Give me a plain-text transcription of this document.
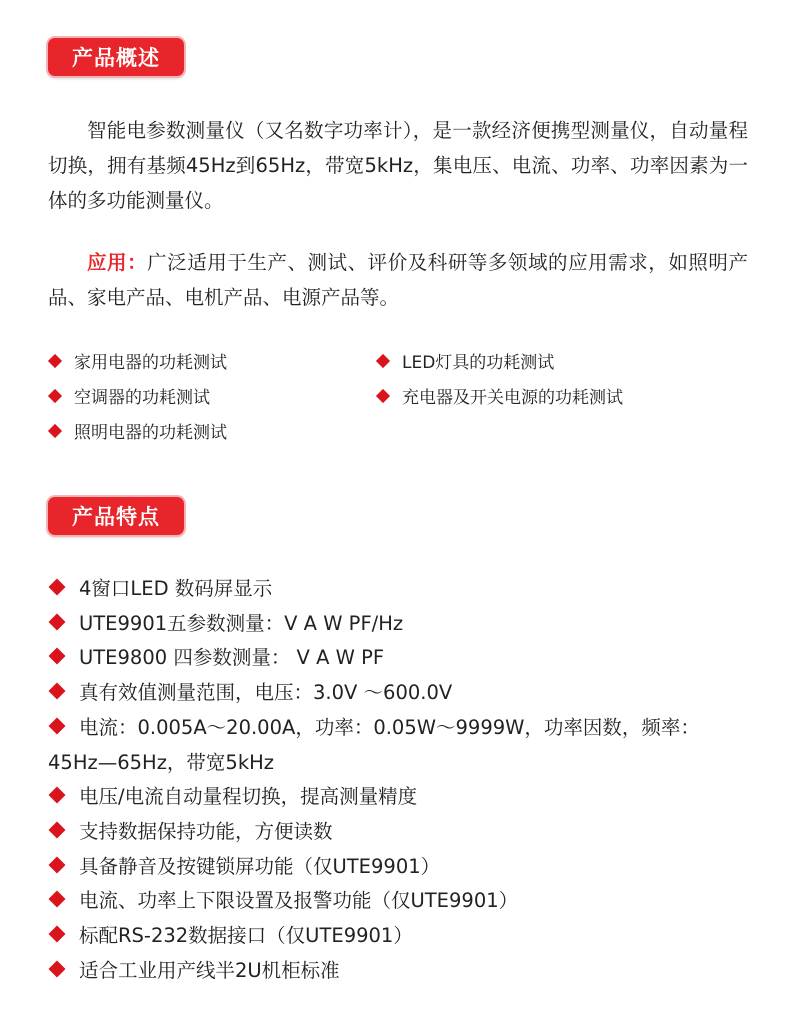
产品概述

智能电参数测量仪（又名数字功率计），是一款经济便携型测量仪，自动量程切换，拥有基频45Hz到65Hz，带宽5kHz，集电压、电流、功率、功率因素为一体的多功能测量仪。

应用：广泛适用于生产、测试、评价及科研等多领域的应用需求，如照明产品、家电产品、电机产品、电源产品等。

家用电器的功耗测试	LED灯具的功耗测试
空调器的功耗测试	充电器及开关电源的功耗测试
照明电器的功耗测试
产品特点
4窗口LED 数码屏显示
UTE9901五参数测量：V A W PF/Hz
UTE9800 四参数测量： V A W PF
真有效值测量范围，电压：3.0V ～600.0V
电流：0.005A～20.00A，功率：0.05W～9999W，功率因数，频率：
45Hz—65Hz，带宽5kHz
电压/电流自动量程切换，提高测量精度
支持数据保持功能，方便读数
具备静音及按键锁屏功能（仅UTE9901）
电流、功率上下限设置及报警功能（仅UTE9901）
标配RS-232数据接口（仅UTE9901）
适合工业用产线半2U机柜标准
